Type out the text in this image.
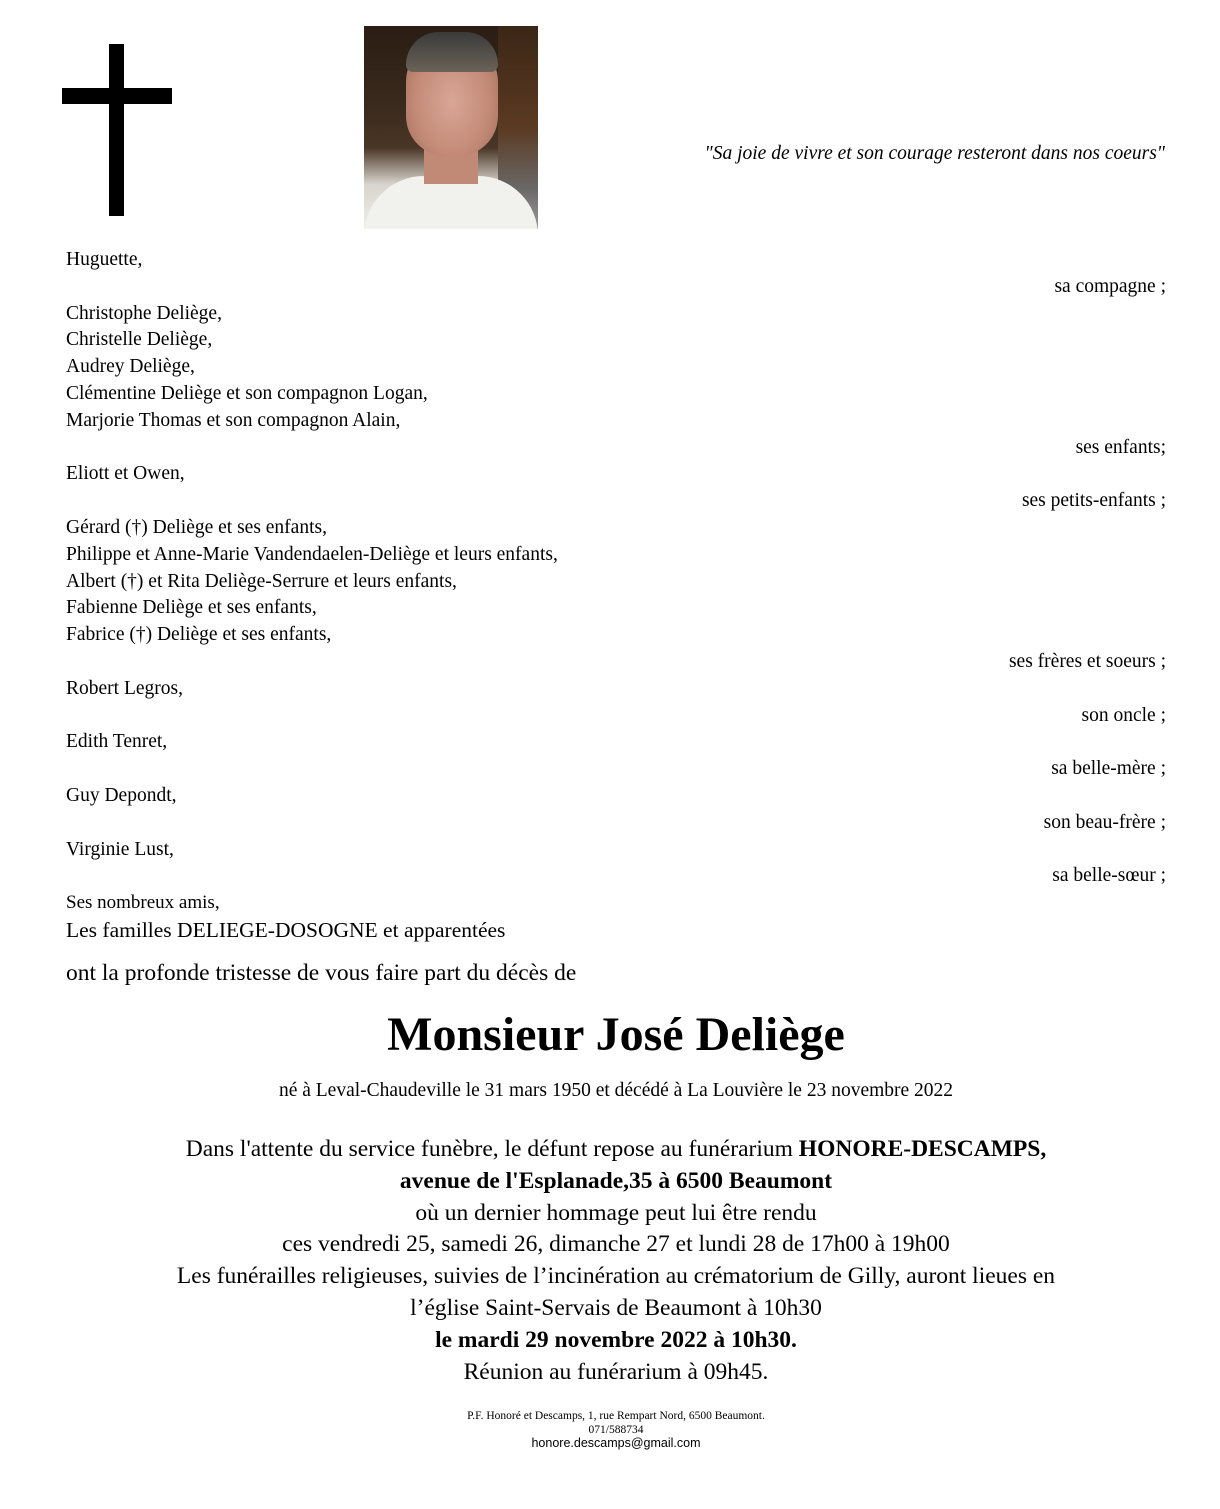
"Sa joie de vivre et son courage resteront dans nos coeurs"
Huguette,
sa compagne ;
Christophe Deliège,
Christelle Deliège,
Audrey Deliège,
Clémentine Deliège et son compagnon Logan,
Marjorie Thomas et son compagnon Alain,
ses enfants;
Eliott et Owen,
ses petits-enfants ;
Gérard (†) Deliège et ses enfants,
Philippe et Anne-Marie Vandendaelen-Deliège et leurs enfants,
Albert (†) et Rita Deliège-Serrure et leurs enfants,
Fabienne Deliège et ses enfants,
Fabrice (†) Deliège et ses enfants,
ses frères et soeurs ;
Robert Legros,
son oncle ;
Edith Tenret,
sa belle-mère ;
Guy Depondt,
son beau-frère ;
Virginie Lust,
sa belle-sœur ;
Ses nombreux amis,
Les familles DELIEGE-DOSOGNE et apparentées
ont la profonde tristesse de vous faire part du décès de
Monsieur José Deliège
né à Leval-Chaudeville le 31 mars 1950 et décédé à La Louvière le 23 novembre 2022
Dans l'attente du service funèbre, le défunt repose au funérarium HONORE-DESCAMPS,
avenue de l'Esplanade,35 à 6500 Beaumont
où un dernier hommage peut lui être rendu
ces vendredi 25, samedi 26, dimanche 27 et lundi 28 de 17h00 à 19h00
Les funérailles religieuses, suivies de l’incinération au crématorium de Gilly, auront lieues en
l’église Saint-Servais de Beaumont à 10h30
le mardi 29 novembre 2022 à 10h30.
Réunion au funérarium à 09h45.
P.F. Honoré et Descamps, 1, rue Rempart Nord, 6500 Beaumont.
071/588734
honore.descamps@gmail.com
